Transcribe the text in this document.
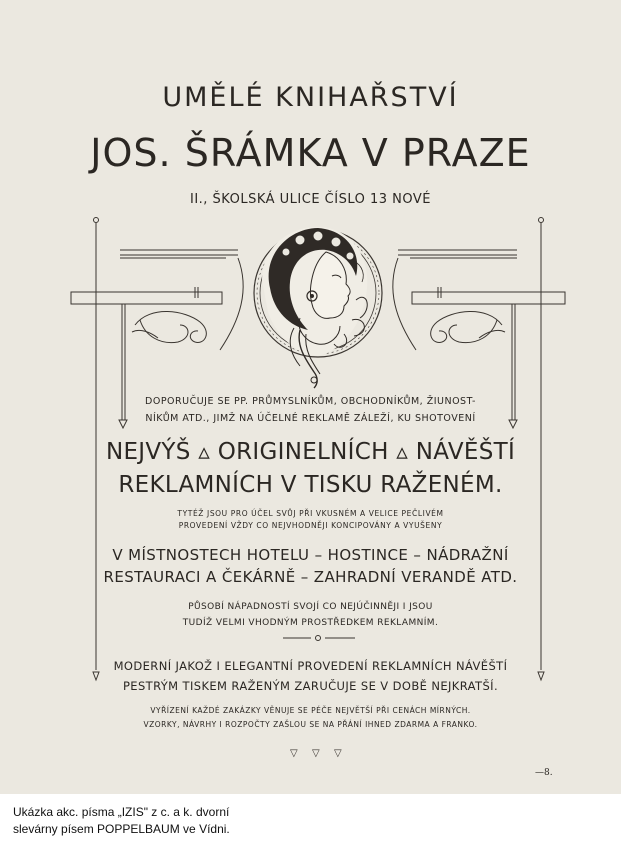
UMĚLÉ KNIHAŘSTVÍ
JOS. ŠRÁMKA V PRAZE
II., ŠKOLSKÁ ULICE ČÍSLO 13 NOVÉ
DOPORUČUJE SE PP. PRŮMYSLNÍKŮM, OBCHODNÍKŮM, ŽIUNOST-
NÍKŮM ATD., JIMŽ NA ÚČELNÉ REKLAMĚ ZÁLEŽÍ, KU SHOTOVENÍ
NEJVÝŠ ▵ ORIGINELNÍCH ▵ NÁVĚŠTÍ
REKLAMNÍCH V TISKU RAŽENÉM.
TYTÉŽ JSOU PRO ÚČEL SVŮJ PŘI VKUSNÉM A VELICE PEČLIVÉM
PROVEDENÍ VŽDY CO NEJVHODNĚJI KONCIPOVÁNY A VYUŠENY
V MÍSTNOSTECH HOTELU – HOSTINCE – NÁDRAŽNÍ
RESTAURACI A ČEKÁRNĚ – ZAHRADNÍ VERANDĚ ATD.
PŮSOBÍ NÁPADNOSTÍ SVOJÍ CO NEJÚČINNĚJI I JSOU
TUDÍŽ VELMI VHODNÝM PROSTŘEDKEM REKLAMNÍM.
MODERNÍ JAKOŽ I ELEGANTNÍ PROVEDENÍ REKLAMNÍCH NÁVĚŠTÍ
PESTRÝM TISKEM RAŽENÝM ZARUČUJE SE V DOBĚ NEJKRATŠÍ.
VYŘÍZENÍ KAŽDÉ ZAKÁZKY VĚNUJE SE PÉČE NEJVĚTŠÍ PŘI CENÁCH MÍRNÝCH.
VZORKY, NÁVRHY I ROZPOČTY ZAŠLOU SE NA PŘÁNÍ IHNED ZDARMA A FRANKO.
▽ ▽ ▽
—8.
Ukázka akc. písma „IZIS" z c. a k. dvorní
slevárny písem POPPELBAUM ve Vídni.
